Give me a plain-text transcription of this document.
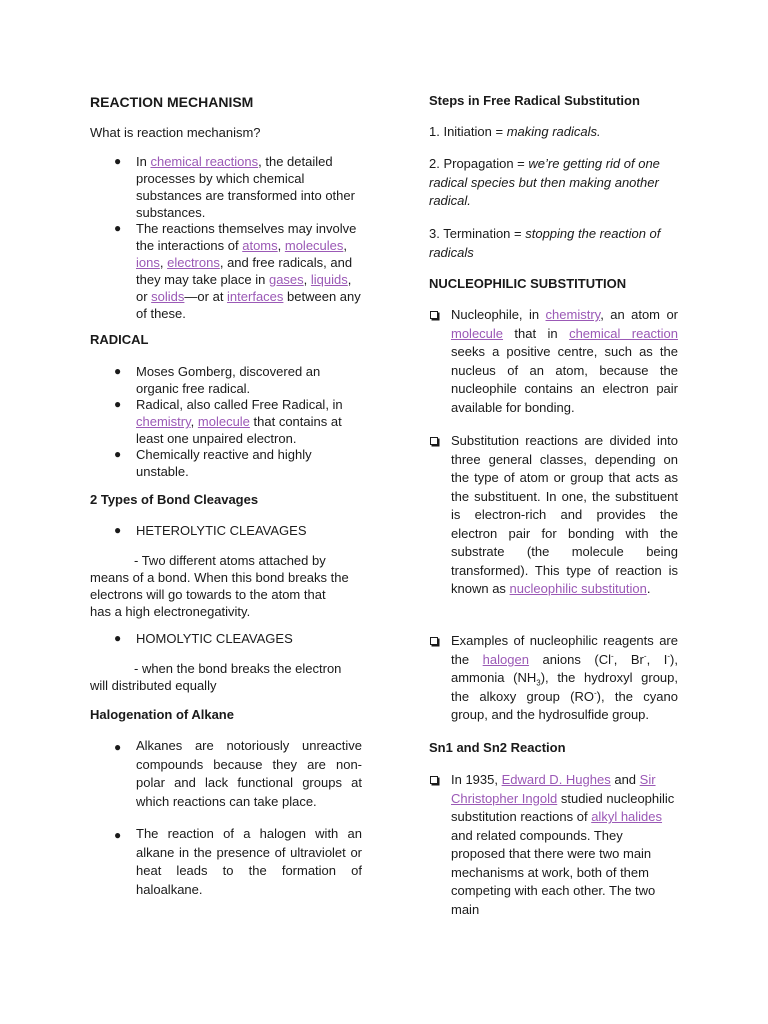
REACTION MECHANISM
What is reaction mechanism?
● In chemical reactions, the detailed processes by which chemical substances are transformed into other substances.
● The reactions themselves may involve the interactions of atoms, molecules, ions, electrons, and free radicals, and they may take place in gases, liquids, or solids—or at interfaces between any of these.
RADICAL
● Moses Gomberg, discovered an organic free radical.
● Radical, also called Free Radical, in chemistry, molecule that contains at least one unpaired electron.
● Chemically reactive and highly unstable.
2 Types of Bond Cleavages
● HETEROLYTIC CLEAVAGES
- Two different atoms attached by means of a bond. When this bond breaks the electrons will go towards to the atom that has a high electronegativity.
● HOMOLYTIC CLEAVAGES
- when the bond breaks the electron will distributed equally
Halogenation of Alkane
● Alkanes are notoriously unreactive compounds because they are non-polar and lack functional groups at which reactions can take place.
● The reaction of a halogen with an alkane in the presence of ultraviolet or heat leads to the formation of haloalkane.
Steps in Free Radical Substitution
1. Initiation = making radicals.
2. Propagation = we’re getting rid of one radical species but then making another radical.
3. Termination = stopping the reaction of radicals
NUCLEOPHILIC SUBSTITUTION
Nucleophile, in chemistry, an atom or molecule that in chemical reaction seeks a positive centre, such as the nucleus of an atom, because the nucleophile contains an electron pair available for bonding.
Substitution reactions are divided into three general classes, depending on the type of atom or group that acts as the substituent. In one, the substituent is electron-rich and provides the electron pair for bonding with the substrate (the molecule being transformed). This type of reaction is known as nucleophilic substitution.
Examples of nucleophilic reagents are the halogen anions (Cl-, Br-, I-), ammonia $(NH_3)$, the hydroxyl group, the alkoxy group (RO-), the cyano group, and the hydrosulfide group.
Sn1 and Sn2 Reaction
In 1935, Edward D. Hughes and Sir Christopher Ingold studied nucleophilic substitution reactions of alkyl halides and related compounds. They proposed that there were two main mechanisms at work, both of them competing with each other. The two main
